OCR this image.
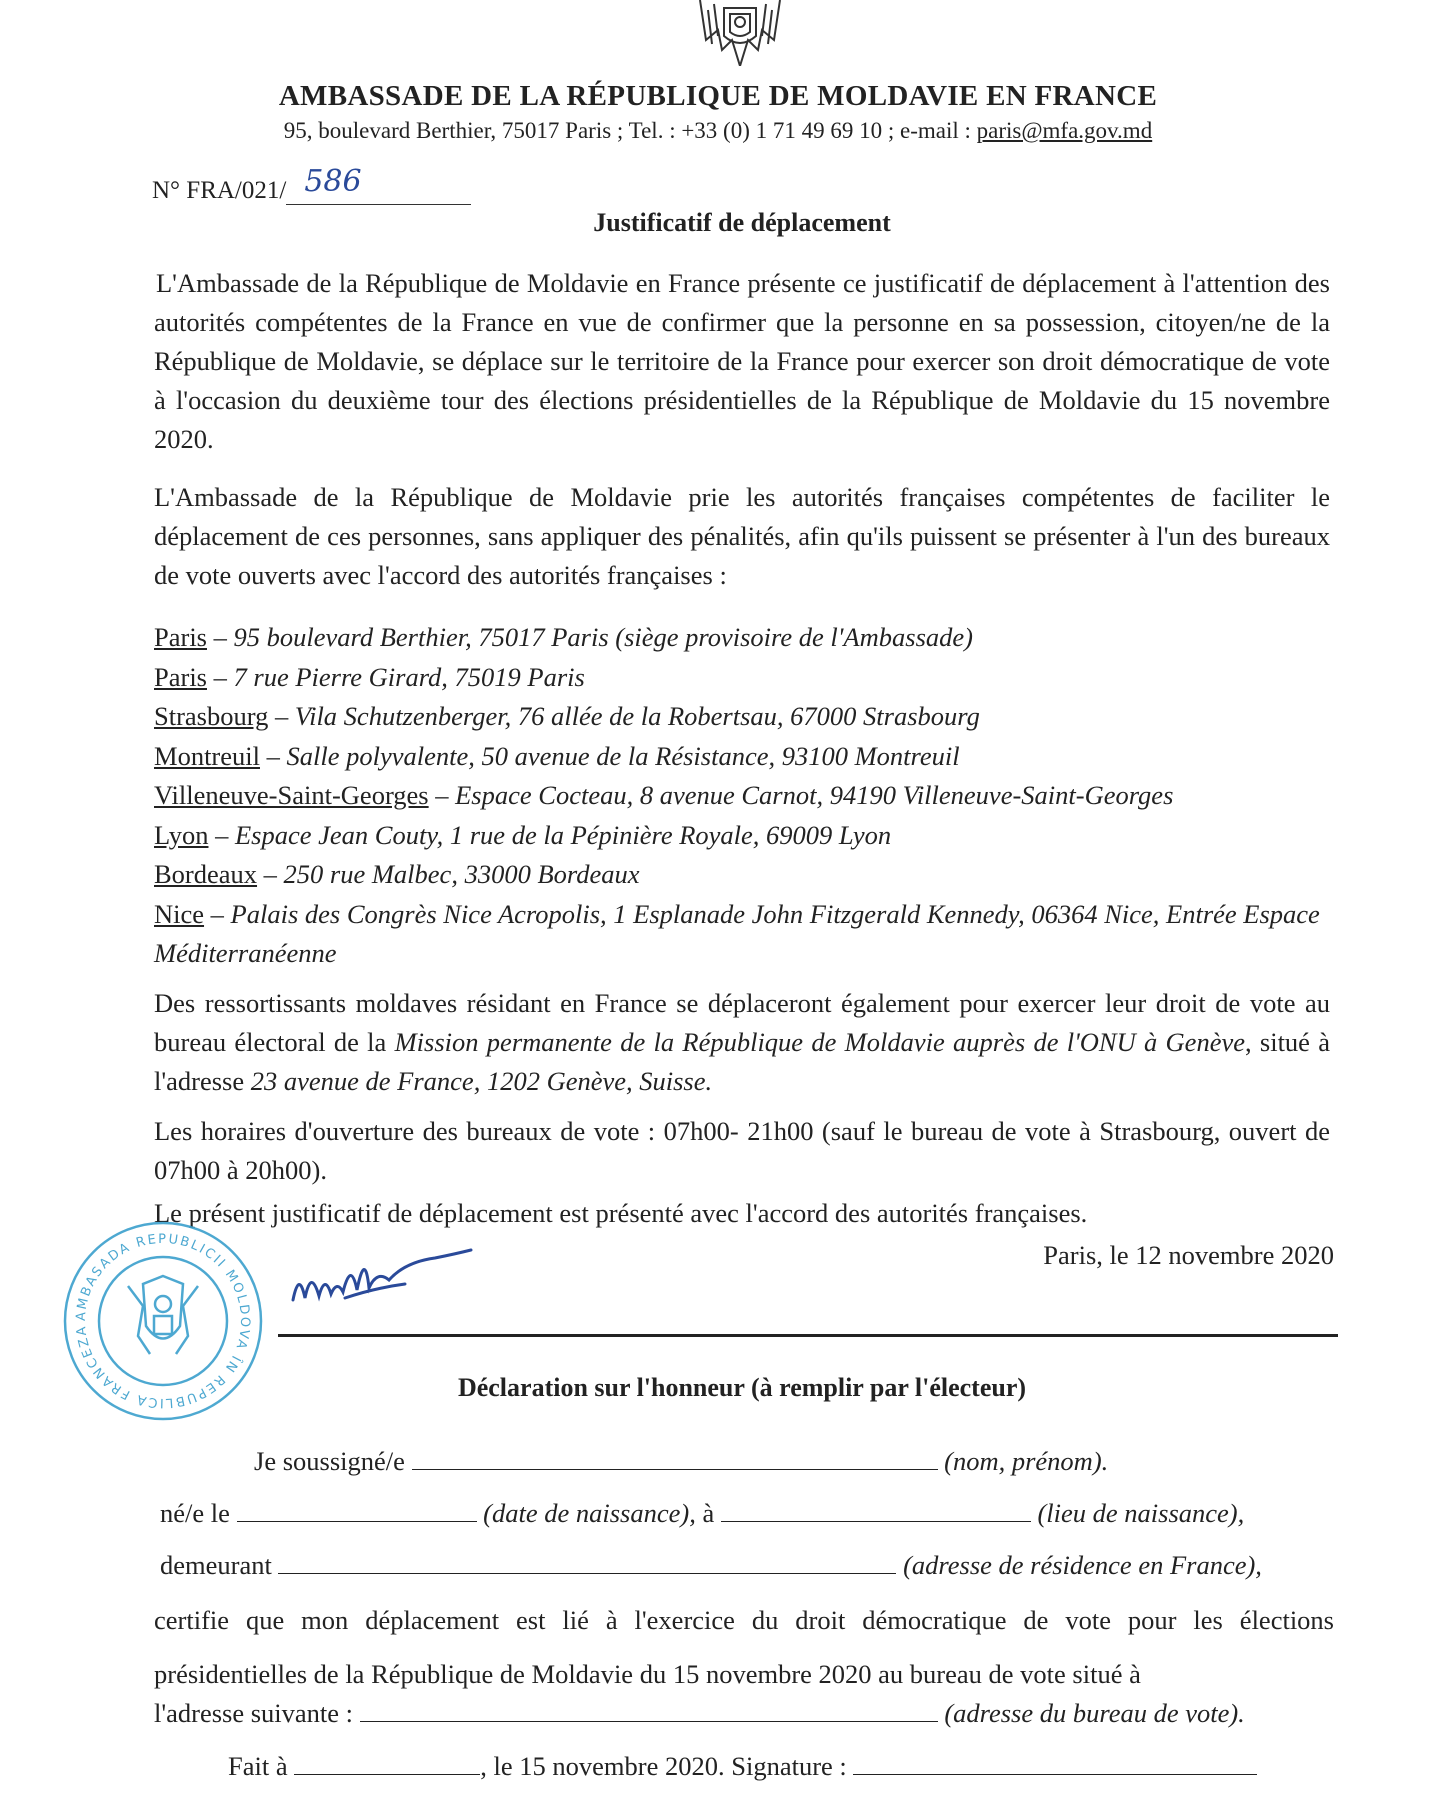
AMBASSADE DE LA RÉPUBLIQUE DE MOLDAVIE EN FRANCE
95, boulevard Berthier, 75017 Paris ; Tel. : +33 (0) 1 71 49 69 10 ; e-mail : paris@mfa.gov.md
N° FRA/021/ 586
Justificatif de déplacement
L'Ambassade de la République de Moldavie en France présente ce justificatif de déplacement à l'attention des autorités compétentes de la France en vue de confirmer que la personne en sa possession, citoyen/ne de la République de Moldavie, se déplace sur le territoire de la France pour exercer son droit démocratique de vote à l'occasion du deuxième tour des élections présidentielles de la République de Moldavie du 15 novembre 2020.
L'Ambassade de la République de Moldavie prie les autorités françaises compétentes de faciliter le déplacement de ces personnes, sans appliquer des pénalités, afin qu'ils puissent se présenter à l'un des bureaux de vote ouverts avec l'accord des autorités françaises :
Paris – 95 boulevard Berthier, 75017 Paris (siège provisoire de l'Ambassade)
Paris – 7 rue Pierre Girard, 75019 Paris
Strasbourg – Vila Schutzenberger, 76 allée de la Robertsau, 67000 Strasbourg
Montreuil – Salle polyvalente, 50 avenue de la Résistance, 93100 Montreuil
Villeneuve-Saint-Georges – Espace Cocteau, 8 avenue Carnot, 94190 Villeneuve-Saint-Georges
Lyon – Espace Jean Couty, 1 rue de la Pépinière Royale, 69009 Lyon
Bordeaux – 250 rue Malbec, 33000 Bordeaux
Nice – Palais des Congrès Nice Acropolis, 1 Esplanade John Fitzgerald Kennedy, 06364 Nice, Entrée Espace Méditerranéenne
Des ressortissants moldaves résidant en France se déplaceront également pour exercer leur droit de vote au bureau électoral de la Mission permanente de la République de Moldavie auprès de l'ONU à Genève, situé à l'adresse 23 avenue de France, 1202 Genève, Suisse.
Les horaires d'ouverture des bureaux de vote : 07h00- 21h00 (sauf le bureau de vote à Strasbourg, ouvert de 07h00 à 20h00).
Le présent justificatif de déplacement est présenté avec l'accord des autorités françaises.
Paris, le 12 novembre 2020
AMBASADA REPUBLICII MOLDOVA ÎN REPUBLICA FRANCEZA
Déclaration sur l'honneur (à remplir par l'électeur)
Je soussigné/e	(nom, prénom).
né/e le	(date de naissance), à	(lieu de naissance),
demeurant	(adresse de résidence en France),
certifie que mon déplacement est lié à l'exercice du droit démocratique de vote pour les élections présidentielles de la République de Moldavie du 15 novembre 2020 au bureau de vote situé à
l'adresse suivante :	(adresse du bureau de vote).
Fait à	, le 15 novembre 2020. Signature :
